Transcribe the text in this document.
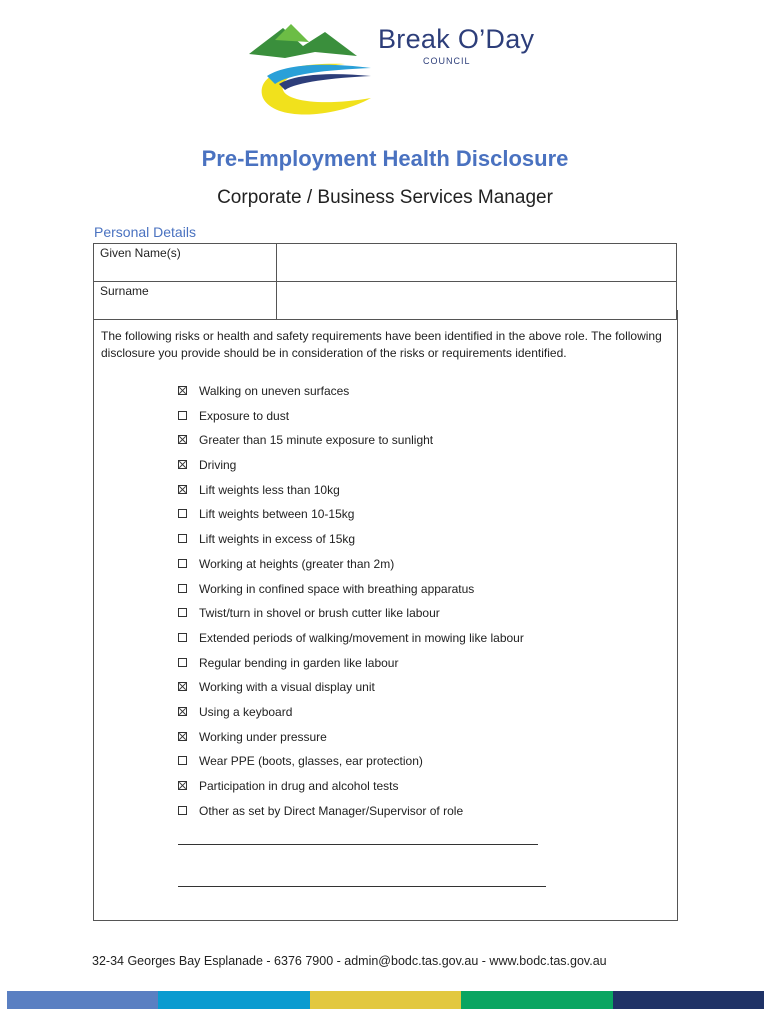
Break O’Day
COUNCIL
Pre-Employment Health Disclosure
Corporate / Business Services Manager
Personal Details
Given Name(s)	
Surname	
The following risks or health and safety requirements have been identified in the above role. The following disclosure you provide should be in consideration of the risks or requirements identified.
Walking on uneven surfaces
Exposure to dust
Greater than 15 minute exposure to sunlight
Driving
Lift weights less than 10kg
Lift weights between 10-15kg
Lift weights in excess of 15kg
Working at heights (greater than 2m)
Working in confined space with breathing apparatus
Twist/turn in shovel or brush cutter like labour
Extended periods of walking/movement in mowing like labour
Regular bending in garden like labour
Working with a visual display unit
Using a keyboard
Working under pressure
Wear PPE (boots, glasses, ear protection)
Participation in drug and alcohol tests
Other as set by Direct Manager/Supervisor of role
32-34 Georges Bay Esplanade - 6376 7900 - admin@bodc.tas.gov.au - www.bodc.tas.gov.au
